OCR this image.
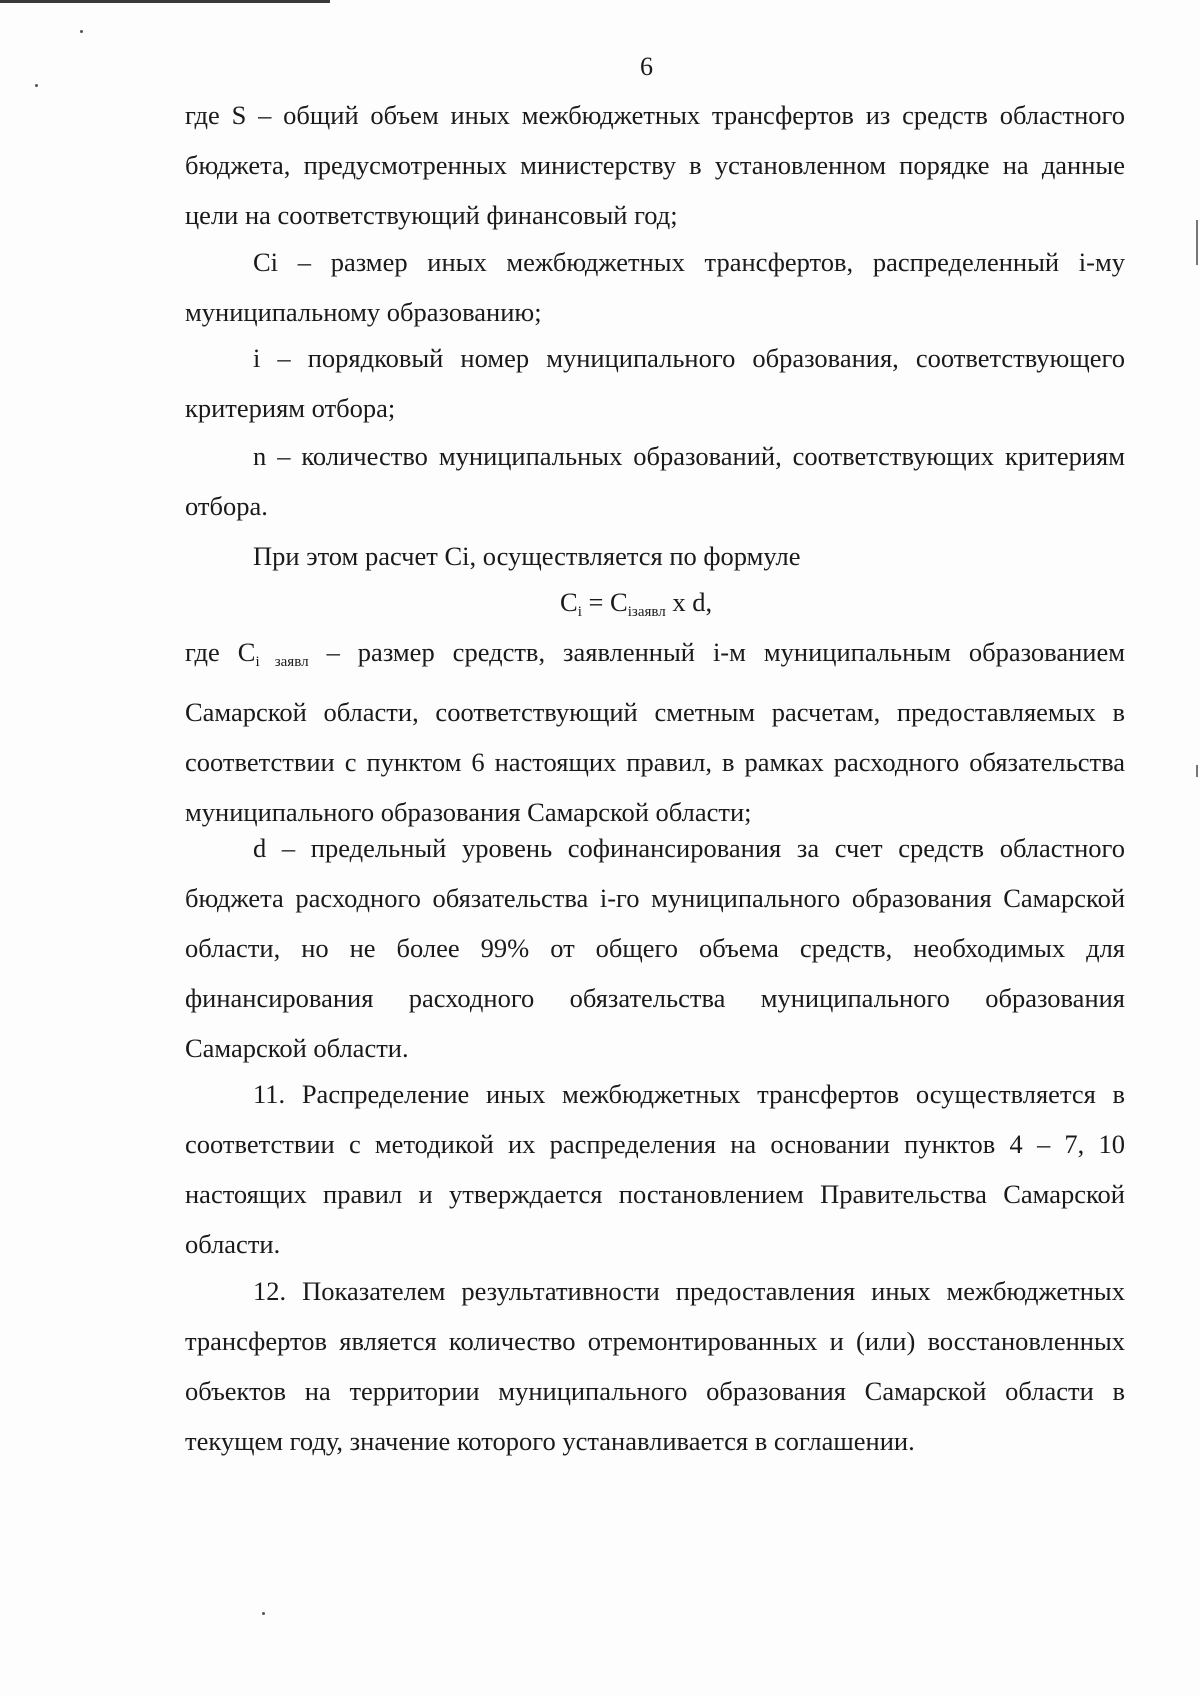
6

где S – общий объем иных межбюджетных трансфертов из средств областного бюджета, предусмотренных министерству в установленном порядке на данные цели на соответствующий финансовый год;

Ci – размер иных межбюджетных трансфертов, распределенный i-му муниципальному образованию;

i – порядковый номер муниципального образования, соответствующего критериям отбора;

n – количество муниципальных образований, соответствующих критериям отбора.

При этом расчет Ci, осуществляется по формуле

$C_i = C_{iзаявл}$ x d,

где $C_{i заявл}$ – размер средств, заявленный i-м муниципальным образованием Самарской области, соответствующий сметным расчетам, предоставляемых в соответствии с пунктом 6 настоящих правил, в рамках расходного обязательства муниципального образования Самарской области;

d – предельный уровень софинансирования за счет средств областного бюджета расходного обязательства i-го муниципального образования Самарской области, но не более 99% от общего объема средств, необходимых для финансирования расходного обязательства муниципального образования Самарской области.

11. Распределение иных межбюджетных трансфертов осуществляется в соответствии с методикой их распределения на основании пунктов 4 – 7, 10 настоящих правил и утверждается постановлением Правительства Самарской области.

12. Показателем результативности предоставления иных межбюджетных трансфертов является количество отремонтированных и (или) восстановленных объектов на территории муниципального образования Самарской области в текущем году, значение которого устанавливается в соглашении.
